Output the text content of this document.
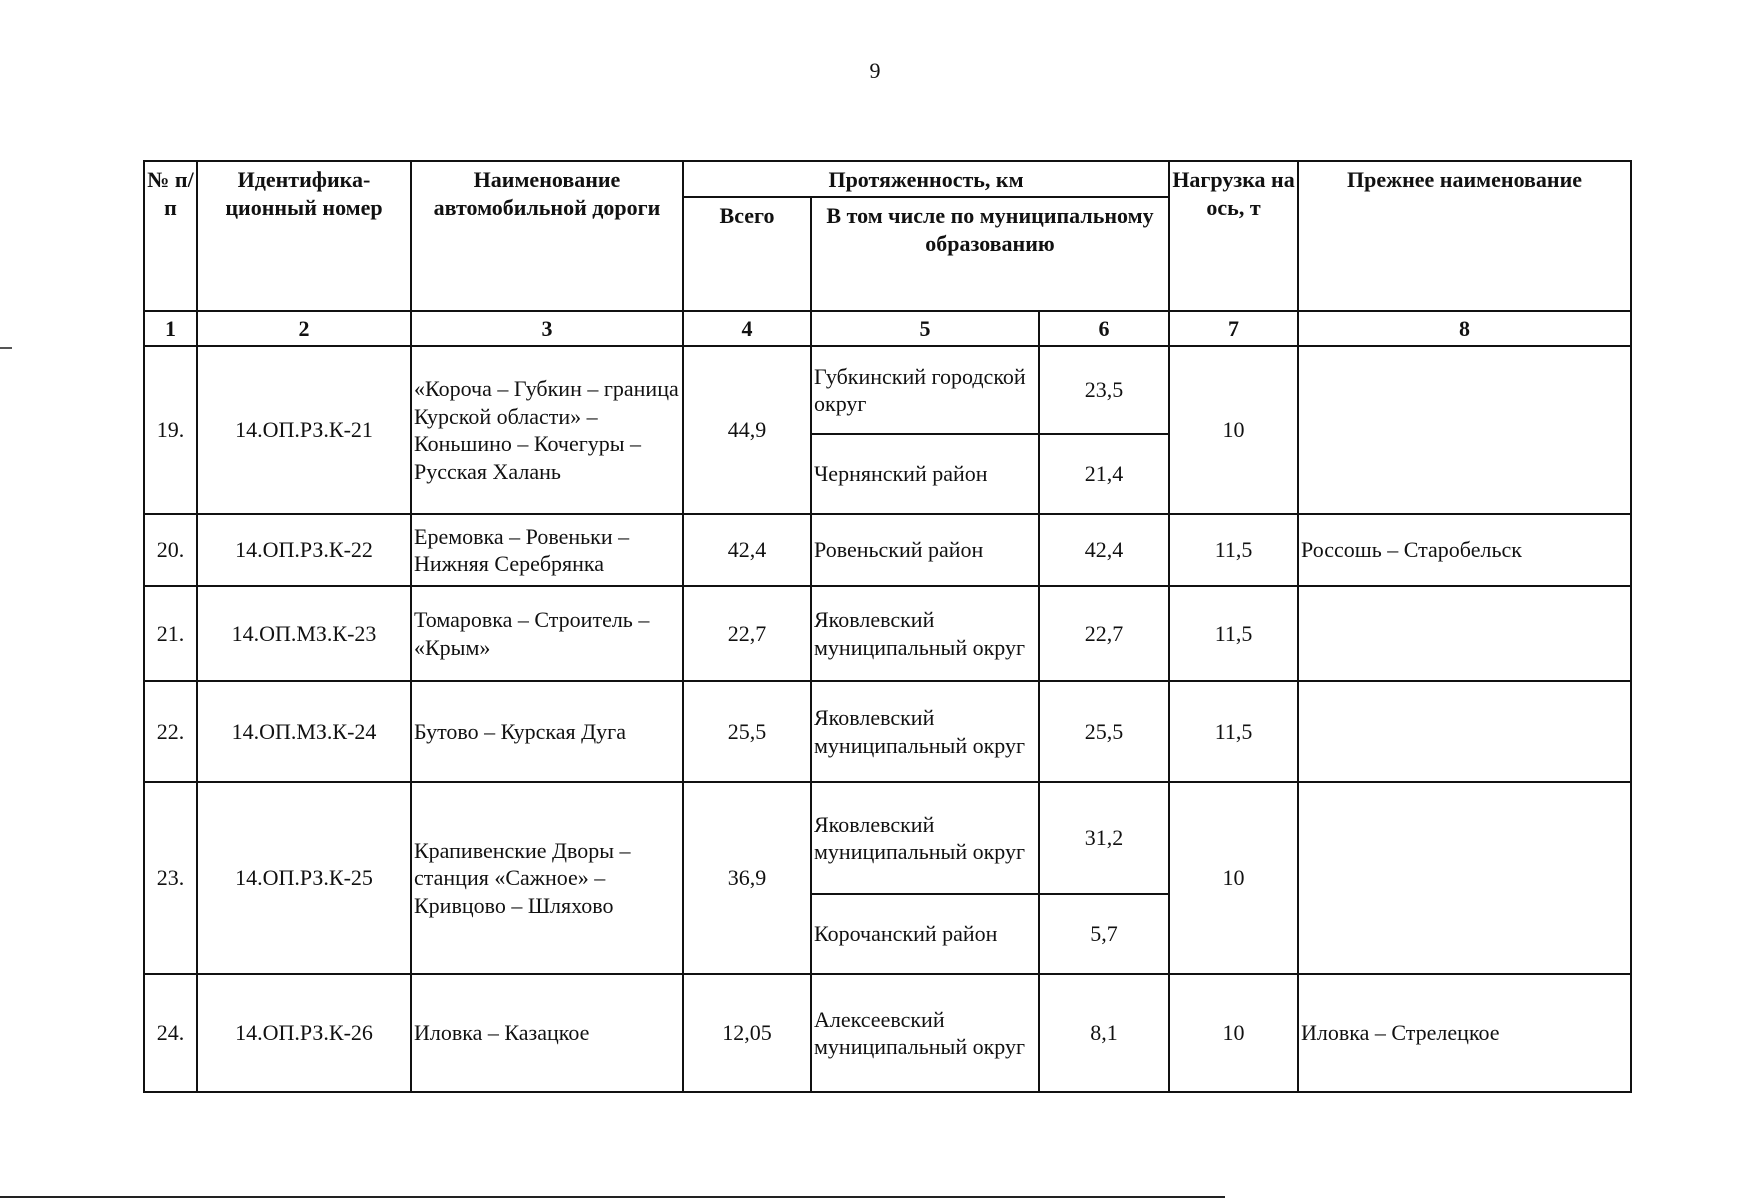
9
№ п/п	Идентифика-ционный номер	Наименование автомобильной дороги	Протяженность, км			Нагрузка на ось, т	Прежнее наименование
			Всего	В том числе по муниципальному образованию			
1	2	3	4	5	6	7	8
19.	14.ОП.РЗ.К-21	«Короча – Губкин – граница Курской области» – Коньшино – Кочегуры – Русская Халань	44,9	Губкинский городской округ	23,5	10	
				Чернянский район	21,4		
20.	14.ОП.РЗ.К-22	Еремовка – Ровеньки – Нижняя Серебрянка	42,4	Ровеньский район	42,4	11,5	Россошь – Старобельск
21.	14.ОП.МЗ.К-23	Томаровка – Строитель – «Крым»	22,7	Яковлевский муниципальный округ	22,7	11,5	
22.	14.ОП.МЗ.К-24	Бутово – Курская Дуга	25,5	Яковлевский муниципальный округ	25,5	11,5	
23.	14.ОП.РЗ.К-25	Крапивенские Дворы – станция «Сажное» – Кривцово – Шляхово	36,9	Яковлевский муниципальный округ	31,2	10	
				Корочанский район	5,7		
24.	14.ОП.РЗ.К-26	Иловка – Казацкое	12,05	Алексеевский муниципальный округ	8,1	10	Иловка – Стрелецкое
